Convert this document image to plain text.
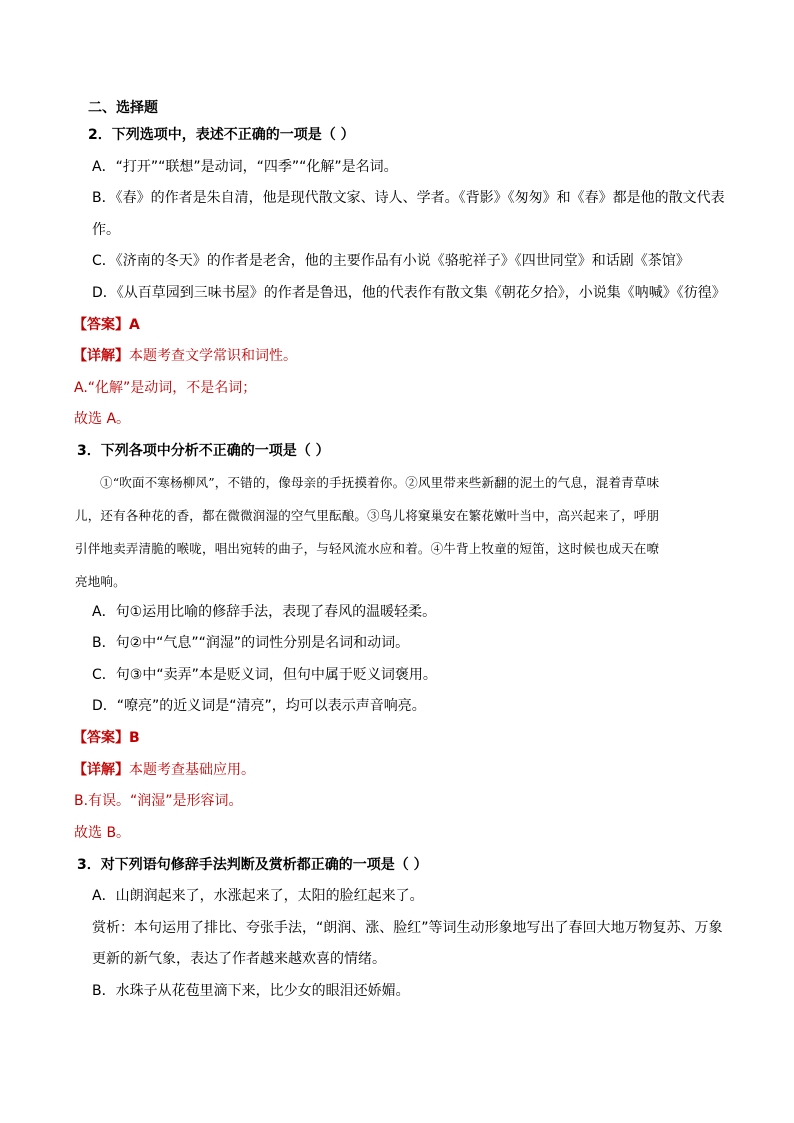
二、选择题
2．下列选项中，表述不正确的一项是（ ）
A．“打开”“联想”是动词，“四季”“化解”是名词。
B．《春》的作者是朱自清，他是现代散文家、诗人、学者。《背影》《匆匆》和《春》都是他的散文代表
作。
C．《济南的冬天》的作者是老舍，他的主要作品有小说《骆驼祥子》《四世同堂》和话剧《茶馆》
D．《从百草园到三味书屋》的作者是鲁迅，他的代表作有散文集《朝花夕拾》，小说集《呐喊》《彷徨》
【答案】A
【详解】本题考查文学常识和词性。
A.“化解”是动词，不是名词；
故选 A。
3．下列各项中分析不正确的一项是（ ）
①“吹面不寒杨柳风”，不错的，像母亲的手抚摸着你。②风里带来些新翻的泥土的气息，混着青草味
儿，还有各种花的香，都在微微润湿的空气里酝酿。③鸟儿将窠巢安在繁花嫩叶当中，高兴起来了，呼朋
引伴地卖弄清脆的喉咙，唱出宛转的曲子，与轻风流水应和着。④牛背上牧童的短笛，这时候也成天在嘹
亮地响。
A．句①运用比喻的修辞手法，表现了春风的温暖轻柔。
B．句②中“气息”“润湿”的词性分别是名词和动词。
C．句③中“卖弄”本是贬义词，但句中属于贬义词褒用。
D．“嘹亮”的近义词是“清亮”，均可以表示声音响亮。
【答案】B
【详解】本题考查基础应用。
B.有误。“润湿”是形容词。
故选 B。
3．对下列语句修辞手法判断及赏析都正确的一项是（ ）
A．山朗润起来了，水涨起来了，太阳的脸红起来了。
赏析：本句运用了排比、夸张手法，“朗润、涨、脸红”等词生动形象地写出了春回大地万物复苏、万象
更新的新气象，表达了作者越来越欢喜的情绪。
B．水珠子从花苞里滴下来，比少女的眼泪还娇媚。
